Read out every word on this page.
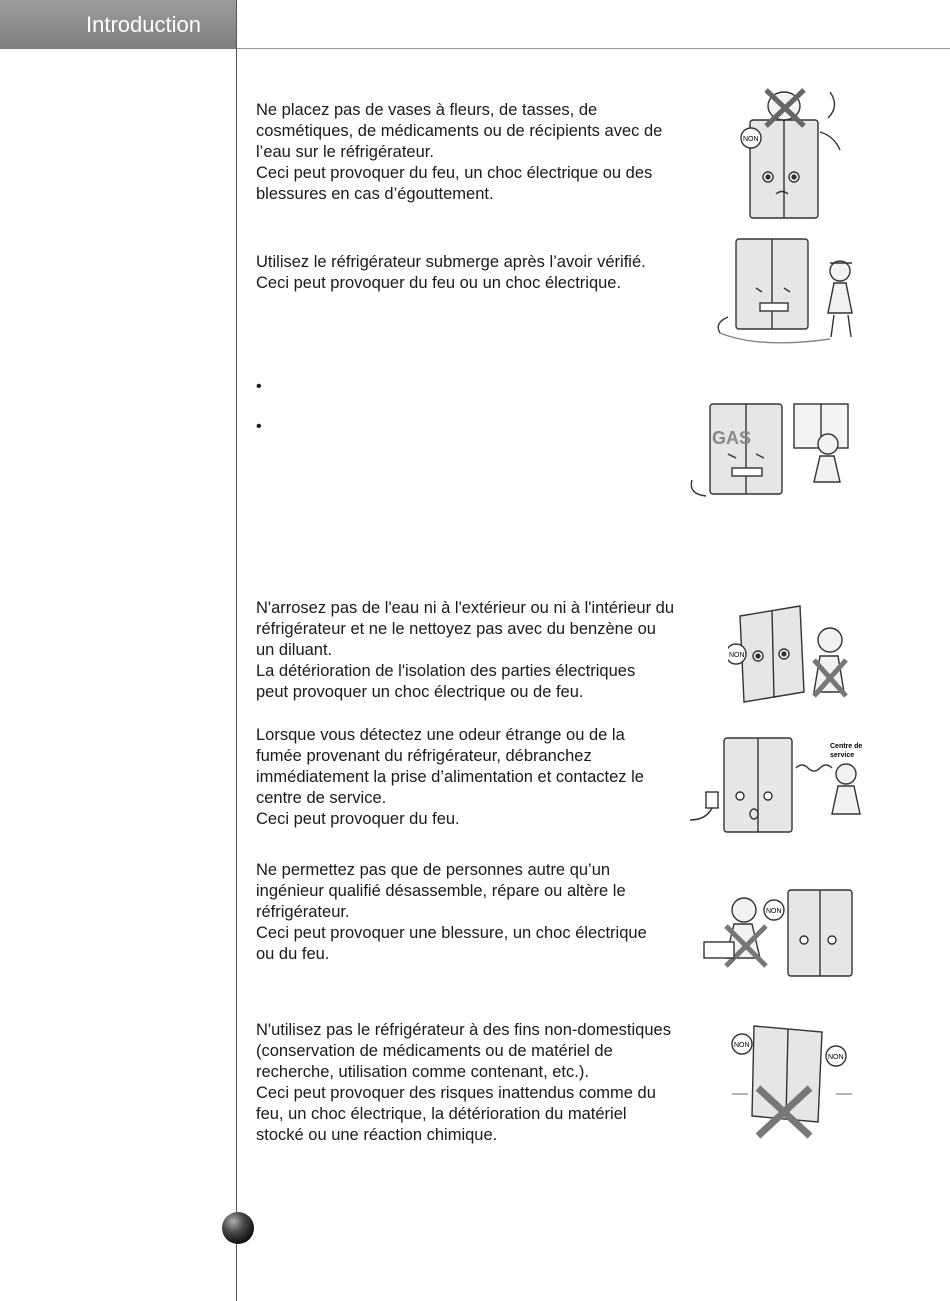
Introduction
Ne placez pas de vases à fleurs, de tasses, de
cosmétiques, de médicaments ou de récipients avec de
l’eau sur le réfrigérateur.
Ceci peut provoquer du feu, un choc électrique ou des
blessures en cas d’égouttement.
Utilisez le réfrigérateur submerge après l’avoir vérifié.
Ceci peut provoquer du feu ou un choc électrique.
•
•
N'arrosez pas de l'eau ni à l'extérieur ou ni à l'intérieur du
réfrigérateur et ne le nettoyez pas avec du benzène ou
un diluant.
La détérioration de l'isolation des parties électriques
peut provoquer un choc électrique ou de feu.
Lorsque vous détectez une odeur étrange ou de la
fumée provenant du réfrigérateur, débranchez
immédiatement la prise d’alimentation et contactez le
centre de service.
Ceci peut provoquer du feu.
Ne permettez pas que de personnes autre qu’un
ingénieur qualifié désassemble, répare ou altère le
réfrigérateur.
Ceci peut provoquer une blessure, un choc électrique
ou du feu.
N'utilisez pas le réfrigérateur à des fins non-domestiques
(conservation de médicaments ou de matériel de
recherche, utilisation comme contenant, etc.).
Ceci peut provoquer des risques inattendus comme du
feu, un choc électrique, la détérioration du matériel
stocké ou une réaction chimique.
NON
GAS
NON
Centre de
service
NON
NON
NON
